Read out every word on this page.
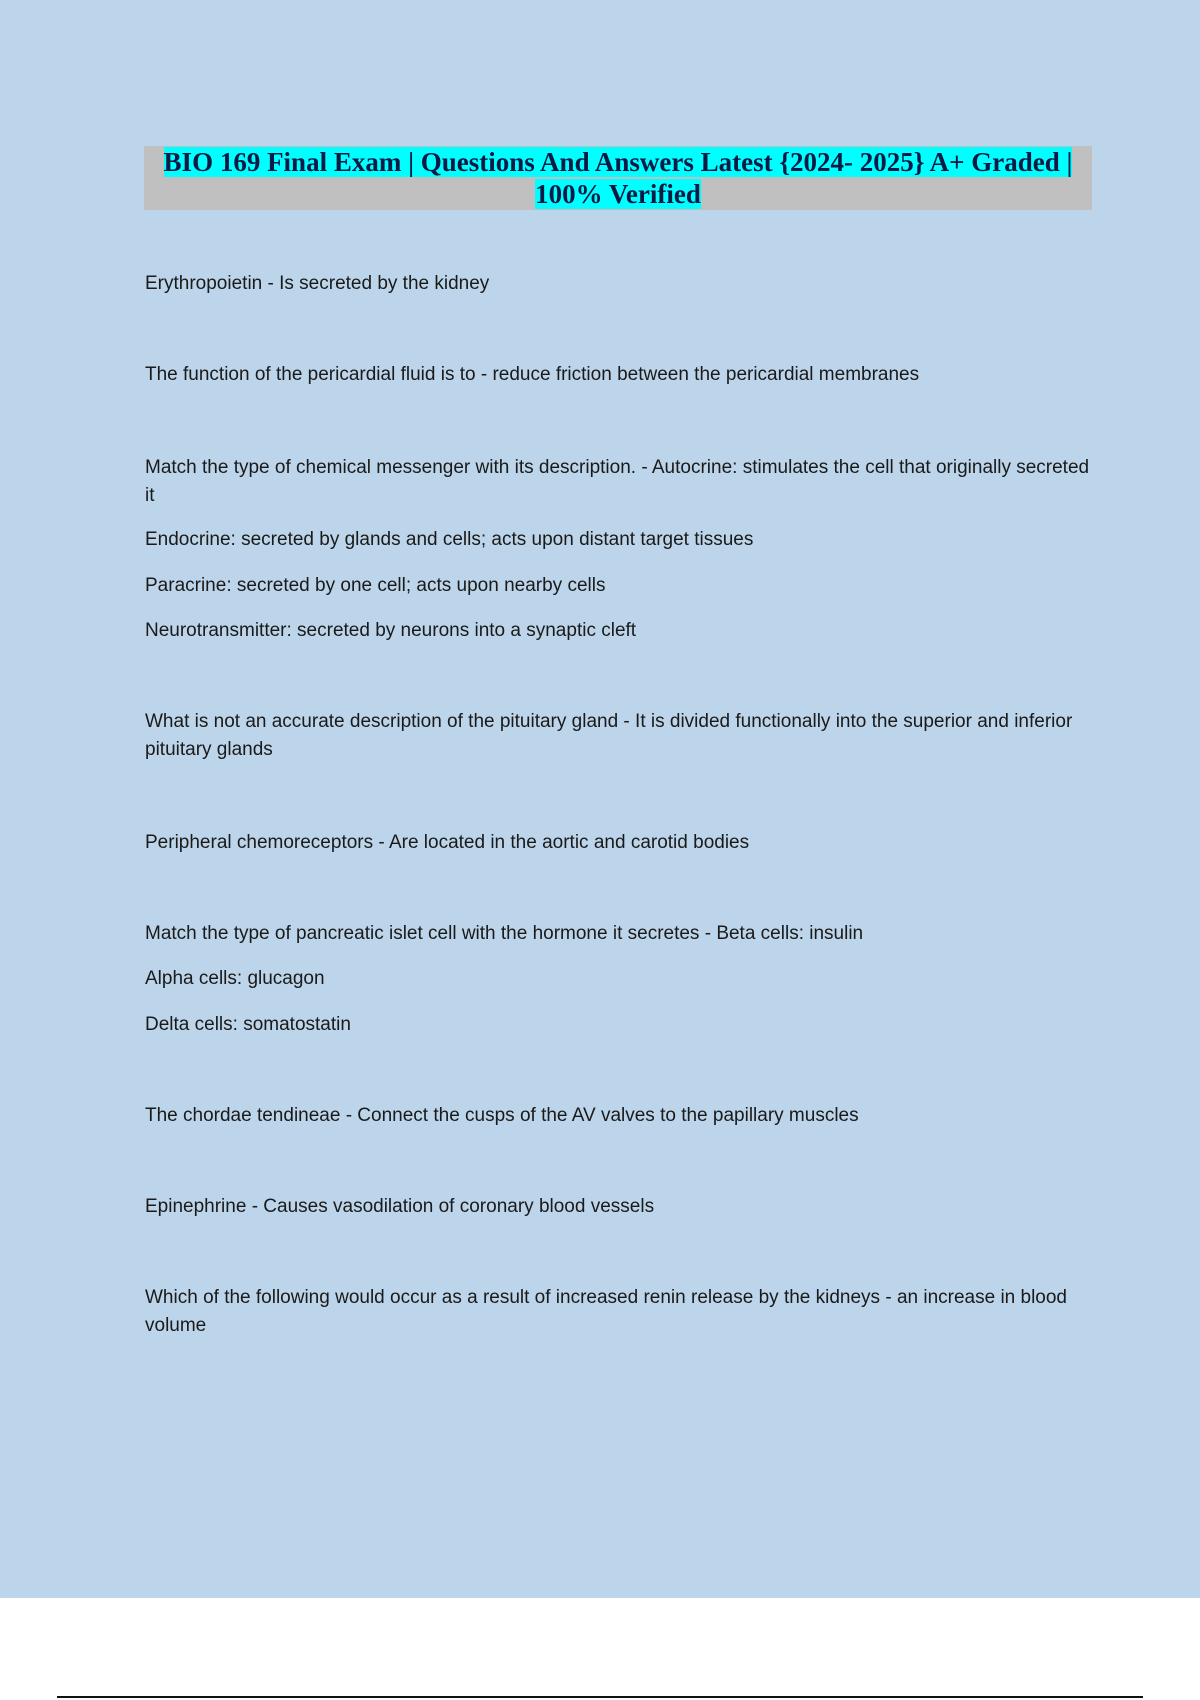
BIO 169 Final Exam | Questions And Answers Latest {2024- 2025} A+ Graded | 100% Verified

Erythropoietin - Is secreted by the kidney

The function of the pericardial fluid is to - reduce friction between the pericardial membranes

Match the type of chemical messenger with its description. - Autocrine: stimulates the cell that originally secreted it

Endocrine: secreted by glands and cells; acts upon distant target tissues

Paracrine: secreted by one cell; acts upon nearby cells

Neurotransmitter: secreted by neurons into a synaptic cleft

What is not an accurate description of the pituitary gland - It is divided functionally into the superior and inferior pituitary glands

Peripheral chemoreceptors - Are located in the aortic and carotid bodies

Match the type of pancreatic islet cell with the hormone it secretes - Beta cells: insulin

Alpha cells: glucagon

Delta cells: somatostatin

The chordae tendineae - Connect the cusps of the AV valves to the papillary muscles

Epinephrine - Causes vasodilation of coronary blood vessels

Which of the following would occur as a result of increased renin release by the kidneys - an increase in blood volume
